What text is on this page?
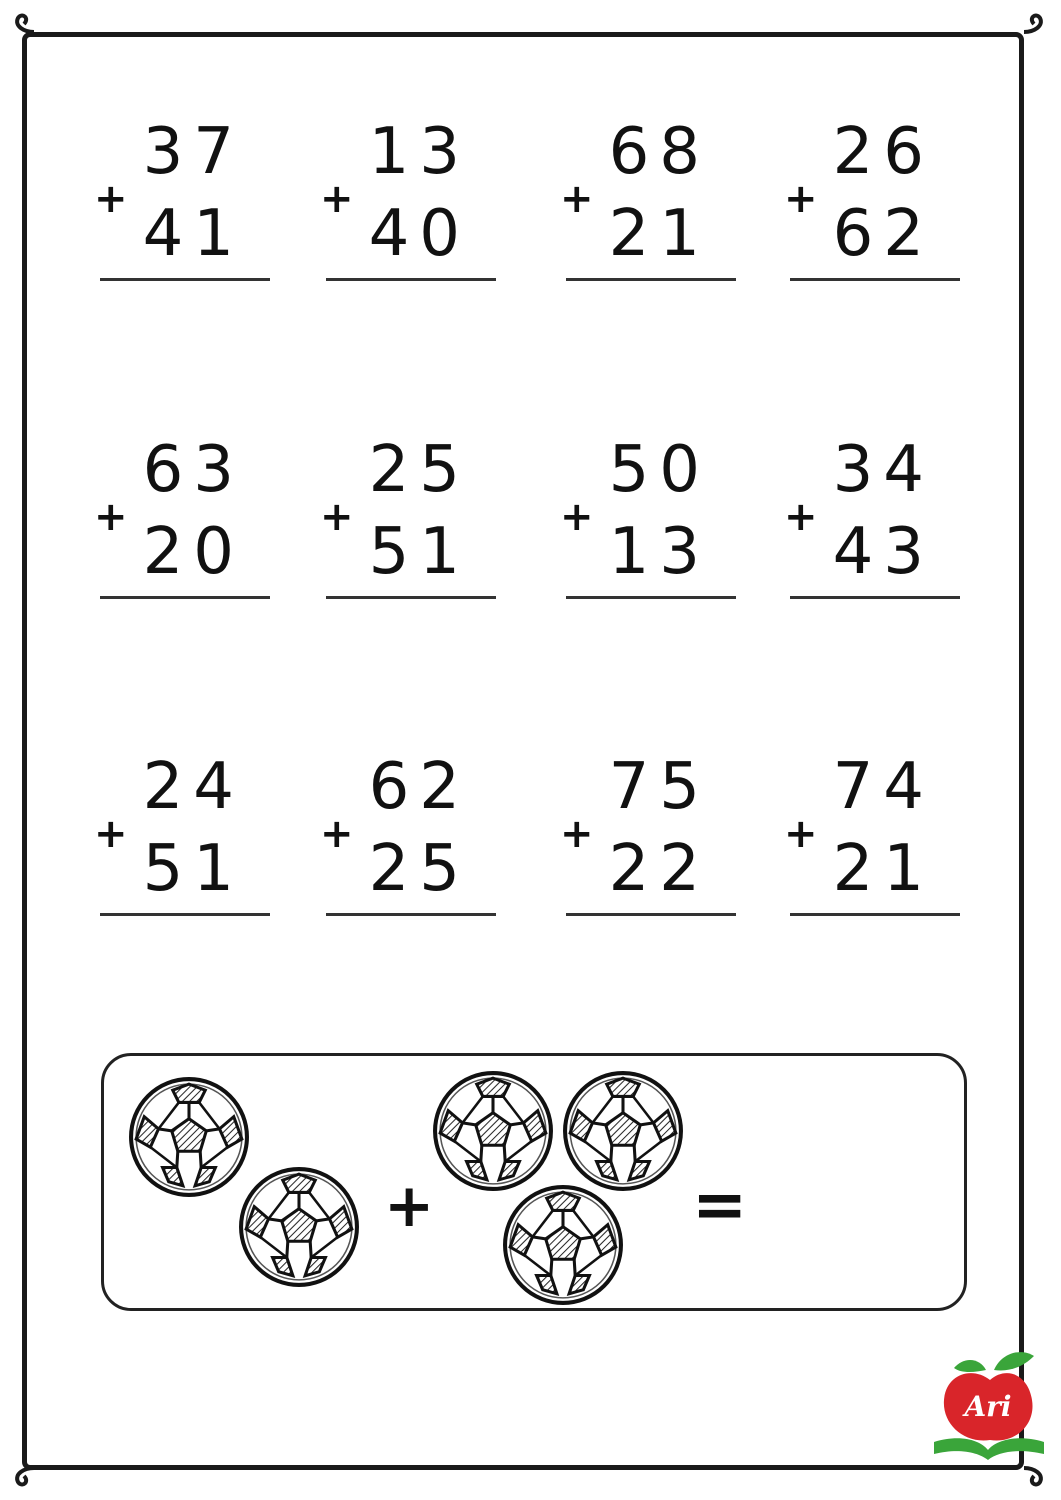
+
37
41 +
13
40 +
68
21 +
26
62
+
63
20 +
25
51 +
50
13 +
34
43
+
24
51 +
62
25 +
75
22 +
74
21
+	=
Ari
